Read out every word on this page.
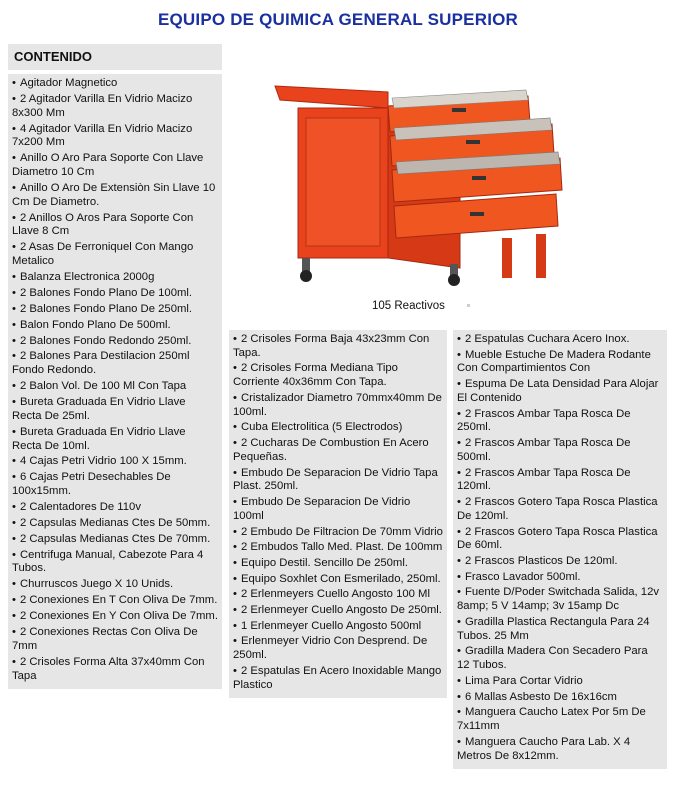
EQUIPO DE QUIMICA GENERAL SUPERIOR
CONTENIDO
• Agitador Magnetico
• 2 Agitador Varilla En Vidrio Macizo 8x300 Mm
• 4 Agitador Varilla En Vidrio Macizo 7x200 Mm
• Anillo O Aro Para Soporte Con Llave Diametro 10 Cm
• Anillo O Aro De Extensiòn Sin Llave 10 Cm De Diametro.
• 2 Anillos O Aros Para Soporte Con Llave 8 Cm
• 2 Asas De Ferroniquel Con Mango Metalico
• Balanza Electronica 2000g
• 2 Balones Fondo Plano De 100ml.
• 2 Balones Fondo Plano De 250ml.
• Balon Fondo Plano De 500ml.
• 2 Balones Fondo Redondo 250ml.
• 2 Balones Para Destilacion 250ml Fondo Redondo.
• 2 Balon Vol. De 100 Ml Con Tapa
• Bureta Graduada En Vidrio Llave Recta De 25ml.
• Bureta Graduada En Vidrio Llave Recta De 10ml.
• 4 Cajas Petri Vidrio 100 X 15mm.
• 6 Cajas Petri Desechables De 100x15mm.
• 2 Calentadores De 110v
• 2 Capsulas Medianas Ctes De 50mm.
• 2 Capsulas Medianas Ctes De 70mm.
• Centrifuga Manual, Cabezote Para 4 Tubos.
• Churruscos Juego X 10 Unids.
• 2 Conexiones En T Con Oliva De 7mm.
• 2 Conexiones En Y Con Oliva De 7mm.
• 2 Conexiones Rectas Con Oliva De 7mm
• 2 Crisoles Forma Alta 37x40mm Con Tapa
105 Reactivos
• 2 Crisoles Forma Baja 43x23mm Con Tapa.
• 2 Crisoles Forma Mediana Tipo Corriente 40x36mm Con Tapa.
• Cristalizador Diametro 70mmx40mm De 100ml.
• Cuba Electrolitica (5 Electrodos)
• 2 Cucharas De Combustion En Acero Pequeñas.
• Embudo De Separacion De Vidrio Tapa Plast. 250ml.
• Embudo De Separacion De Vidrio 100ml
• 2 Embudo De Filtracion De 70mm Vidrio
• 2 Embudos Tallo Med. Plast. De 100mm
• Equipo Destil. Sencillo De 250ml.
• Equipo Soxhlet Con Esmerilado, 250ml.
• 2 Erlenmeyers Cuello Angosto 100 Ml
• 2 Erlenmeyer Cuello Angosto De 250ml.
• 1 Erlenmeyer Cuello Angosto 500ml
• Erlenmeyer Vidrio Con Desprend. De 250ml.
• 2 Espatulas En Acero Inoxidable Mango Plastico
• 2 Espatulas Cuchara Acero Inox.
• Mueble Estuche De Madera Rodante Con Compartimientos Con
• Espuma De Lata Densidad Para Alojar El Contenido
• 2 Frascos Ambar Tapa Rosca De 250ml.
• 2 Frascos Ambar Tapa Rosca De 500ml.
• 2 Frascos Ambar Tapa Rosca De 120ml.
• 2 Frascos Gotero Tapa Rosca Plastica De 120ml.
• 2 Frascos Gotero Tapa Rosca Plastica De 60ml.
• 2 Frascos Plasticos De 120ml.
• Frasco Lavador 500ml.
• Fuente D/Poder Switchada Salida, 12v 8amp; 5 V 14amp; 3v 15amp Dc
• Gradilla Plastica Rectangula Para 24 Tubos. 25 Mm
• Gradilla Madera Con Secadero Para 12 Tubos.
• Lima Para Cortar Vidrio
• 6 Mallas Asbesto De 16x16cm
• Manguera Caucho Latex Por 5m De 7x11mm
• Manguera Caucho Para Lab. X 4 Metros De 8x12mm.
